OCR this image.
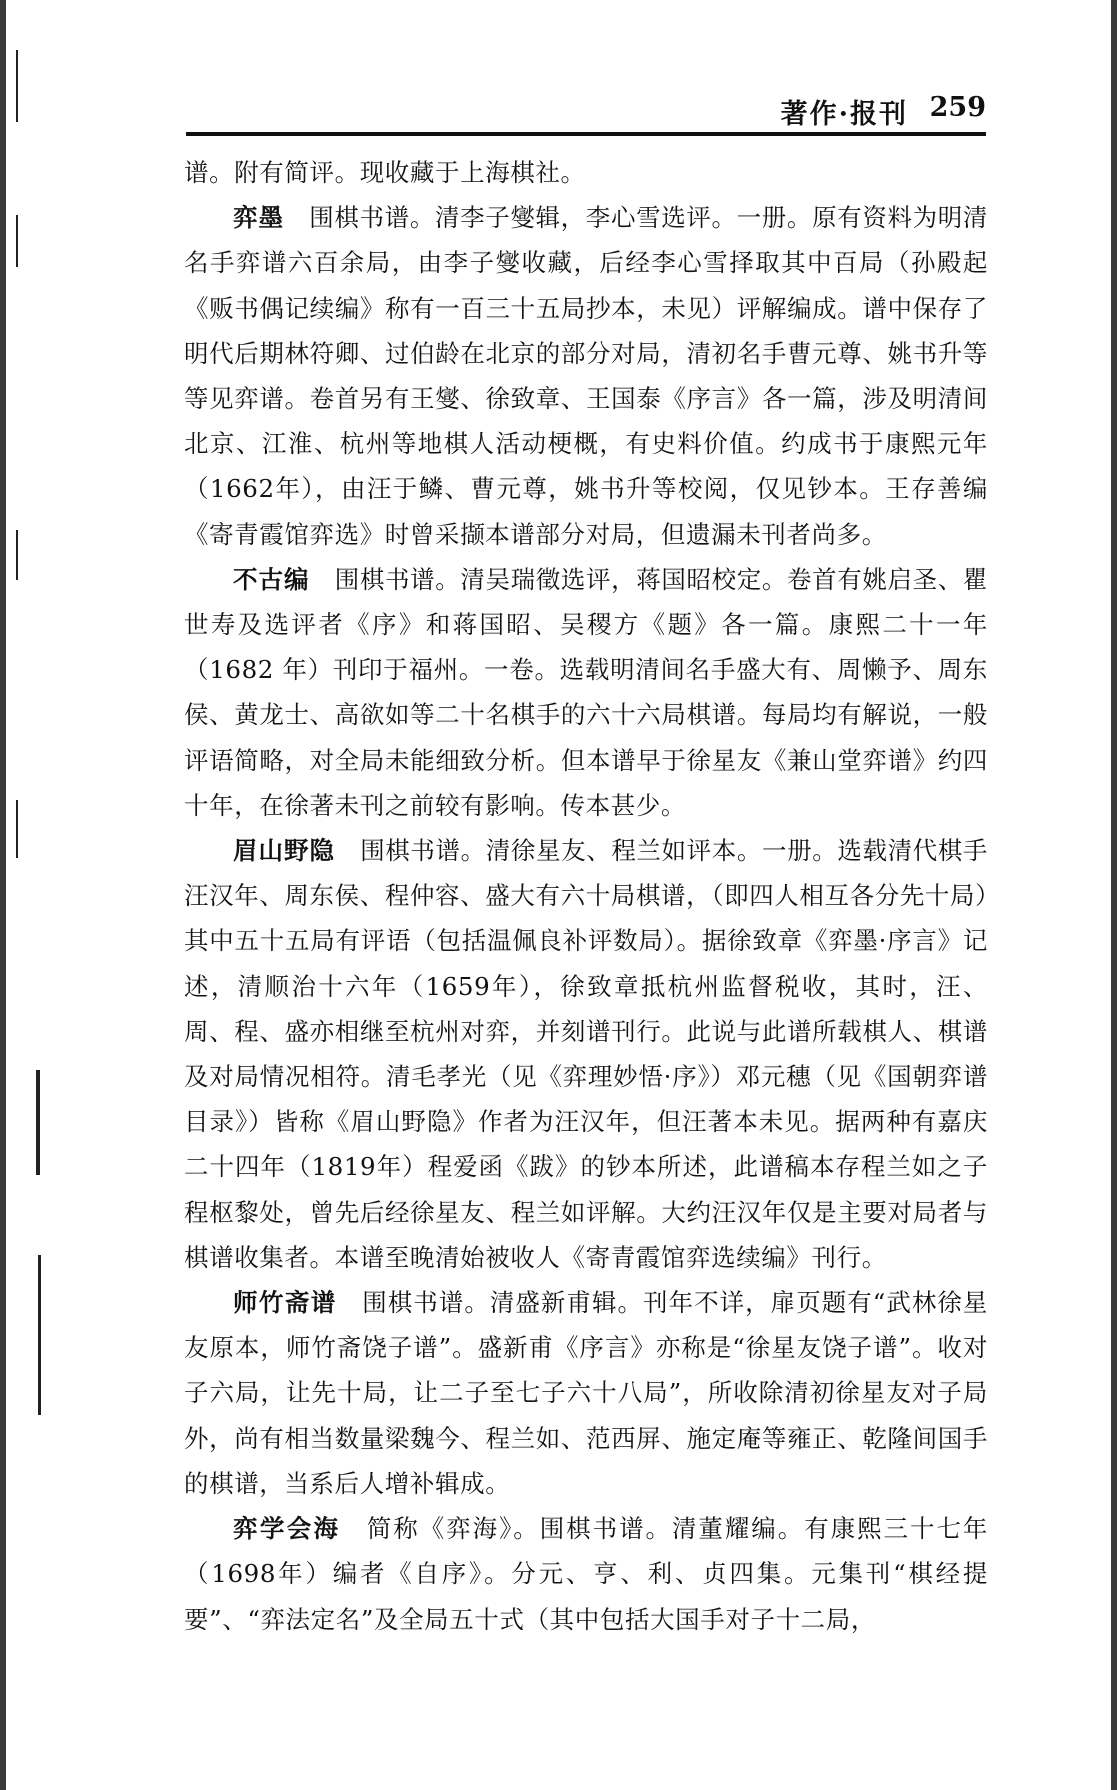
著作·报刊 259

谱。附有简评。现收藏于上海棋社。

弈墨　 围棋书谱。清李子燮辑，李心雪选评。一册。原有资料为明清名手弈谱六百余局，由李子燮收藏，后经李心雪择取其中百局（孙殿起《贩书偶记续编》称有一百三十五局抄本，未见）评解编成。谱中保存了明代后期林符卿、过伯龄在北京的部分对局，清初名手曹元尊、姚书升等等见弈谱。卷首另有王燮、徐致章、王国泰《序言》各一篇，涉及明清间北京、江淮、杭州等地棋人活动梗概，有史料价值。约成书于康熙元年（1662年），由汪于鳞、曹元尊，姚书升等校阅，仅见钞本。王存善编《寄青霞馆弈选》时曾采撷本谱部分对局，但遗漏未刊者尚多。

不古编　 围棋书谱。清吴瑞徵选评，蒋国昭校定。卷首有姚启圣、瞿世寿及选评者《序》和蒋国昭、吴稷方《题》各一篇。康熙二十一年（1682 年）刊印于福州。一卷。选载明清间名手盛大有、周懒予、周东侯、黄龙士、高欲如等二十名棋手的六十六局棋谱。每局均有解说，一般评语简略，对全局未能细致分析。但本谱早于徐星友《兼山堂弈谱》约四十年，在徐著未刊之前较有影响。传本甚少。

眉山野隐　 围棋书谱。清徐星友、程兰如评本。一册。选载清代棋手汪汉年、周东侯、程仲容、盛大有六十局棋谱，（即四人相互各分先十局）其中五十五局有评语（包括温佩良补评数局）。据徐致章《弈墨·序言》记述，清顺治十六年（1659年），徐致章抵杭州监督税收，其时，汪、周、程、盛亦相继至杭州对弈，并刻谱刊行。此说与此谱所载棋人、棋谱及对局情况相符。清毛孝光（见《弈理妙悟·序》）邓元穗（见《国朝弈谱目录》）皆称《眉山野隐》作者为汪汉年，但汪著本未见。据两种有嘉庆二十四年（1819年）程爱函《跋》的钞本所述，此谱稿本存程兰如之子程枢黎处，曾先后经徐星友、程兰如评解。大约汪汉年仅是主要对局者与棋谱收集者。本谱至晚清始被收人《寄青霞馆弈选续编》刊行。

师竹斋谱　 围棋书谱。清盛新甫辑。刊年不详，扉页题有“武林徐星友原本，师竹斋饶子谱”。盛新甫《序言》亦称是“徐星友饶子谱”。收对子六局，让先十局，让二子至七子六十八局”，所收除清初徐星友对子局外，尚有相当数量梁魏今、程兰如、范西屏、施定庵等雍正、乾隆间国手的棋谱，当系后人增补辑成。

弈学会海　 简称《弈海》。围棋书谱。清董耀编。有康熙三十七年（1698年）编者《自序》。分元、亨、利、贞四集。元集刊“棋经提要”、“弈法定名”及全局五十式（其中包括大国手对子十二局，
